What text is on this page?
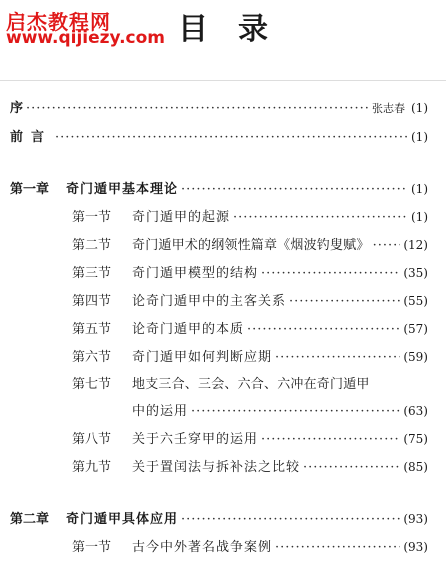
启杰教程网
www.qijiezy.com 目录
序 ·····	张志春 (1)
前言 ·····	(1)
第一章	奇门遁甲基本理论 ·····	(1)
第一节	奇门遁甲的起源 ·····	(1)
第二节	奇门遁甲术的纲领性篇章《烟波钓叟赋》 ·····	(12)
第三节	奇门遁甲模型的结构 ·····	(35)
第四节	论奇门遁甲中的主客关系 ·····	(55)
第五节	论奇门遁甲的本质 ·····	(57)
第六节	奇门遁甲如何判断应期 ·····	(59)
第七节	地支三合、三会、六合、六冲在奇门遁甲
中的运用 ·····	(63)
第八节	关于六壬穿甲的运用 ·····	(75)
第九节	关于置闰法与拆补法之比较 ·····	(85)
第二章	奇门遁甲具体应用 ·····	(93)
第一节	古今中外著名战争案例 ·····	(93)
